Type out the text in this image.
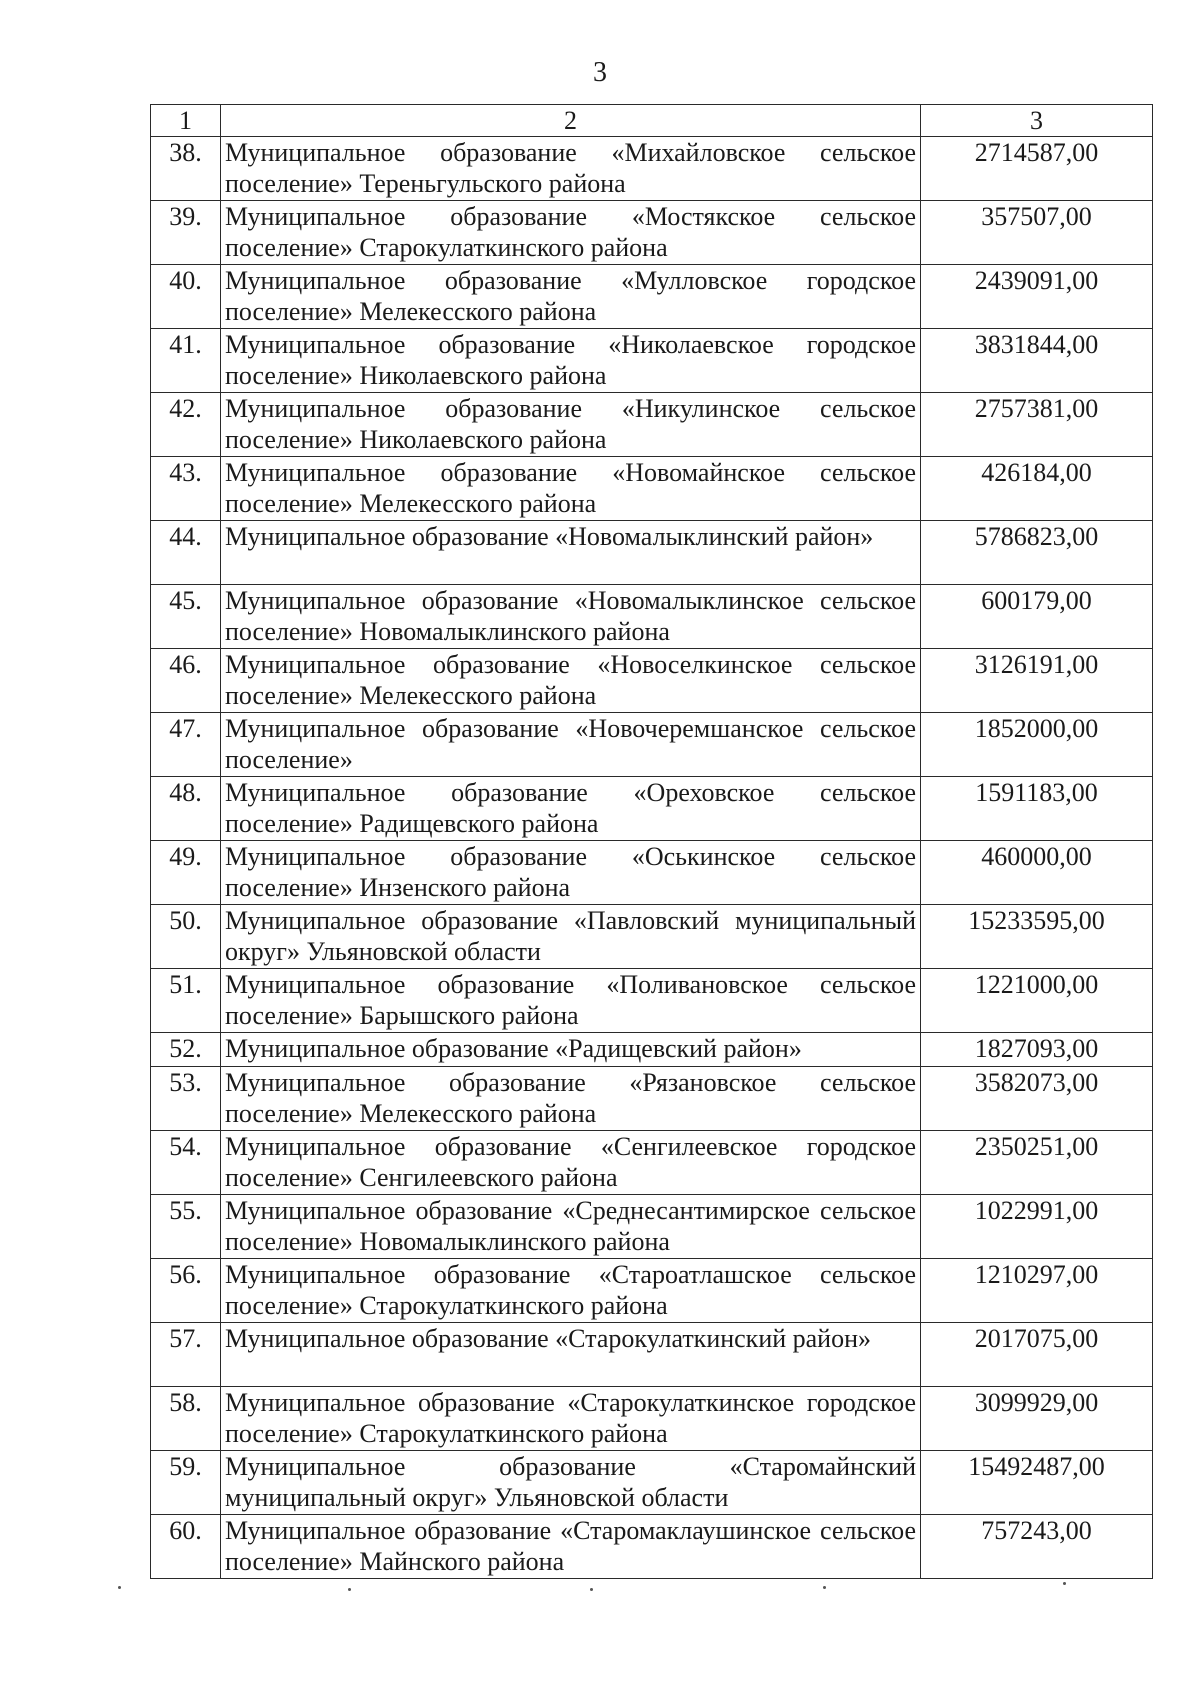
3
1	2	3
38.	Муниципальное образование «Михайловское сельское поселение» Тереньгульского района	2714587,00
39.	Муниципальное образование «Мостякское сельское поселение» Старокулаткинского района	357507,00
40.	Муниципальное образование «Мулловское городское поселение» Мелекесского района	2439091,00
41.	Муниципальное образование «Николаевское городское поселение» Николаевского района	3831844,00
42.	Муниципальное образование «Никулинское сельское поселение» Николаевского района	2757381,00
43.	Муниципальное образование «Новомайнское сельское поселение» Мелекесского района	426184,00
44.	Муниципальное образование «Новомалыклинский район»	5786823,00
45.	Муниципальное образование «Новомалыклинское сельское поселение» Новомалыклинского района	600179,00
46.	Муниципальное образование «Новоселкинское сельское поселение» Мелекесского района	3126191,00
47.	Муниципальное образование «Новочеремшанское сельское поселение»	1852000,00
48.	Муниципальное образование «Ореховское сельское поселение» Радищевского района	1591183,00
49.	Муниципальное образование «Оськинское сельское поселение» Инзенского района	460000,00
50.	Муниципальное образование «Павловский муниципальный округ» Ульяновской области	15233595,00
51.	Муниципальное образование «Поливановское сельское поселение» Барышского района	1221000,00
52.	Муниципальное образование «Радищевский район»	1827093,00
53.	Муниципальное образование «Рязановское сельское поселение» Мелекесского района	3582073,00
54.	Муниципальное образование «Сенгилеевское городское поселение» Сенгилеевского района	2350251,00
55.	Муниципальное образование «Среднесантимирское сельское поселение» Новомалыклинского района	1022991,00
56.	Муниципальное образование «Староатлашское сельское поселение» Старокулаткинского района	1210297,00
57.	Муниципальное образование «Старокулаткинский район»	2017075,00
58.	Муниципальное образование «Старокулаткинское городское поселение» Старокулаткинского района	3099929,00
59.	Муниципальное образование «Старомайнский муниципальный округ» Ульяновской области	15492487,00
60.	Муниципальное образование «Старомаклаушинское сельское поселение» Майнского района	757243,00
